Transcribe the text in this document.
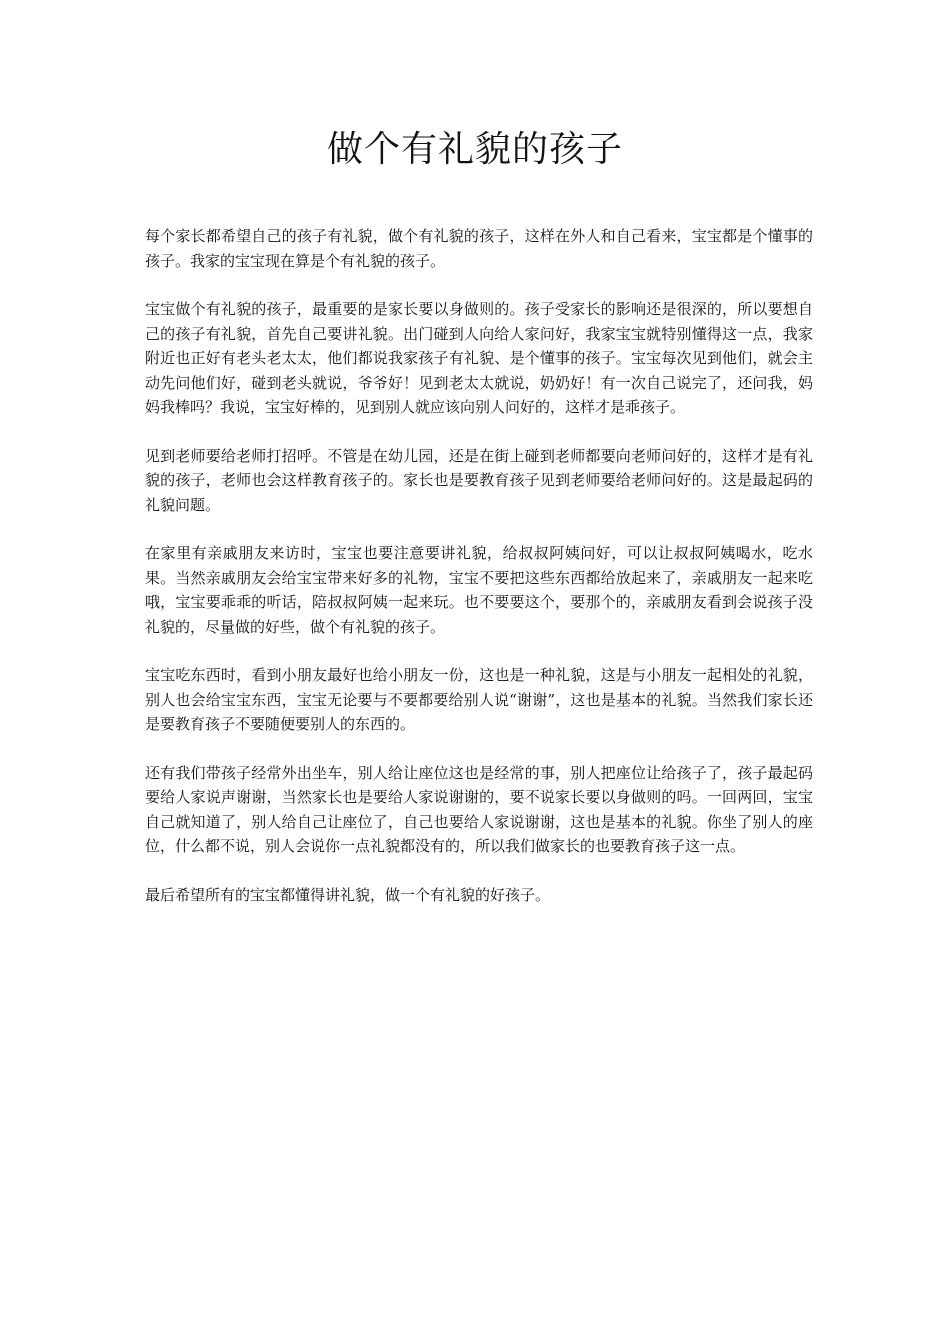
做个有礼貌的孩子

每个家长都希望自己的孩子有礼貌，做个有礼貌的孩子，这样在外人和自己看来，宝宝都是个懂事的孩子。我家的宝宝现在算是个有礼貌的孩子。

宝宝做个有礼貌的孩子，最重要的是家长要以身做则的。孩子受家长的影响还是很深的，所以要想自己的孩子有礼貌，首先自己要讲礼貌。出门碰到人向给人家问好，我家宝宝就特别懂得这一点，我家附近也正好有老头老太太，他们都说我家孩子有礼貌、是个懂事的孩子。宝宝每次见到他们，就会主动先问他们好，碰到老头就说，爷爷好！见到老太太就说，奶奶好！有一次自己说完了，还问我，妈妈我棒吗？我说，宝宝好棒的，见到别人就应该向别人问好的，这样才是乖孩子。

见到老师要给老师打招呼。不管是在幼儿园，还是在街上碰到老师都要向老师问好的，这样才是有礼貌的孩子，老师也会这样教育孩子的。家长也是要教育孩子见到老师要给老师问好的。这是最起码的礼貌问题。

在家里有亲戚朋友来访时，宝宝也要注意要讲礼貌，给叔叔阿姨问好，可以让叔叔阿姨喝水，吃水果。当然亲戚朋友会给宝宝带来好多的礼物，宝宝不要把这些东西都给放起来了，亲戚朋友一起来吃哦，宝宝要乖乖的听话，陪叔叔阿姨一起来玩。也不要要这个，要那个的，亲戚朋友看到会说孩子没礼貌的，尽量做的好些，做个有礼貌的孩子。

宝宝吃东西时，看到小朋友最好也给小朋友一份，这也是一种礼貌，这是与小朋友一起相处的礼貌，别人也会给宝宝东西，宝宝无论要与不要都要给别人说“谢谢”，这也是基本的礼貌。当然我们家长还是要教育孩子不要随便要别人的东西的。

还有我们带孩子经常外出坐车，别人给让座位这也是经常的事，别人把座位让给孩子了，孩子最起码要给人家说声谢谢，当然家长也是要给人家说谢谢的，要不说家长要以身做则的吗。一回两回，宝宝自己就知道了，别人给自己让座位了，自己也要给人家说谢谢，这也是基本的礼貌。你坐了别人的座位，什么都不说，别人会说你一点礼貌都没有的，所以我们做家长的也要教育孩子这一点。

最后希望所有的宝宝都懂得讲礼貌，做一个有礼貌的好孩子。
